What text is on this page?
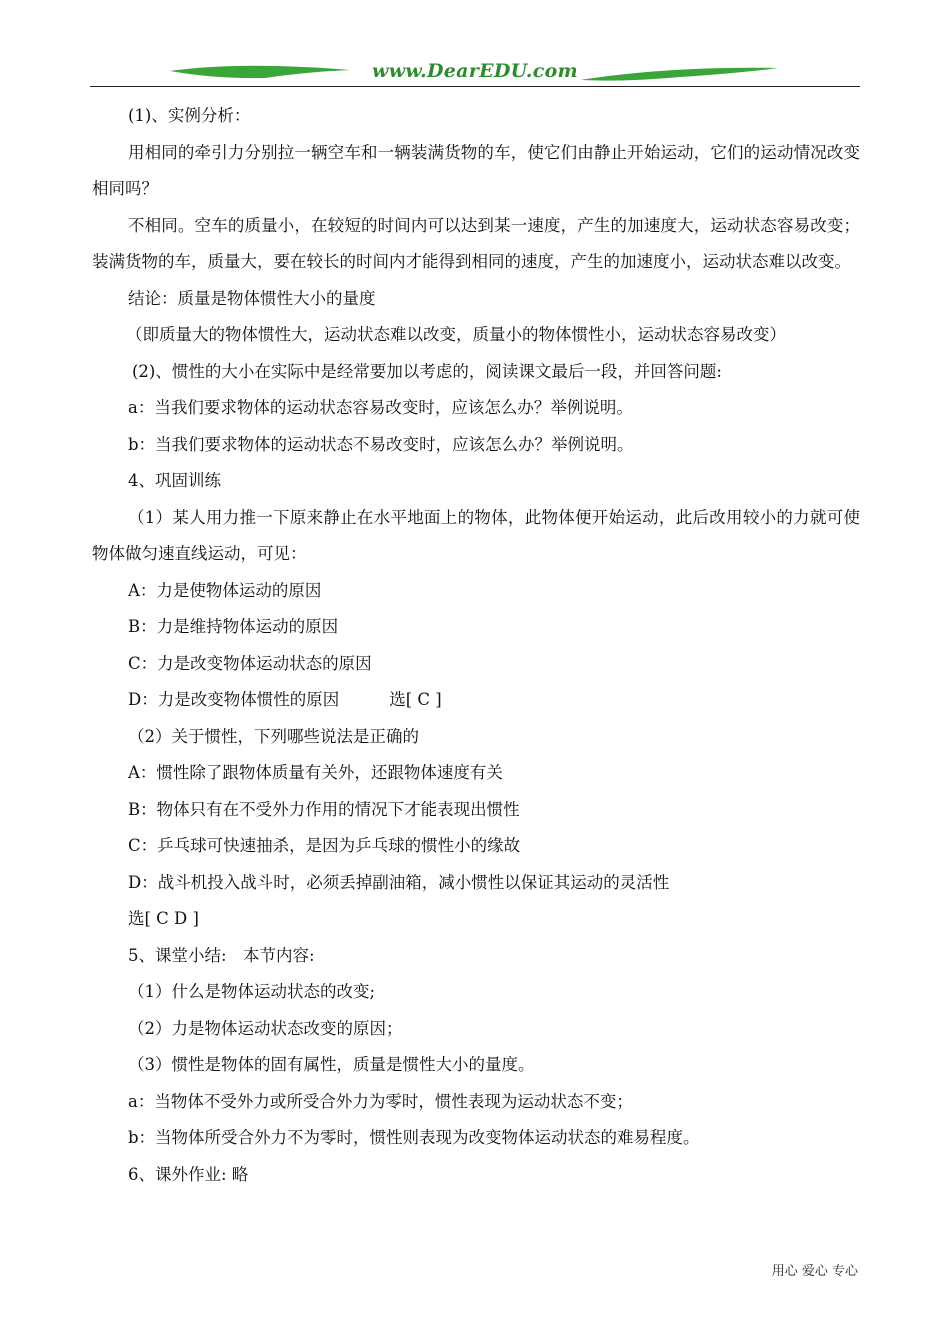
www.DearEDU.com

(1)、实例分析：

用相同的牵引力分别拉一辆空车和一辆装满货物的车，使它们由静止开始运动，它们的运动情况改变相同吗？

不相同。空车的质量小，在较短的时间内可以达到某一速度，产生的加速度大，运动状态容易改变；装满货物的车，质量大，要在较长的时间内才能得到相同的速度，产生的加速度小，运动状态难以改变。

结论：质量是物体惯性大小的量度

（即质量大的物体惯性大，运动状态难以改变，质量小的物体惯性小，运动状态容易改变）

(2)、惯性的大小在实际中是经常要加以考虑的，阅读课文最后一段，并回答问题:

a：当我们要求物体的运动状态容易改变时，应该怎么办？举例说明。

b：当我们要求物体的运动状态不易改变时，应该怎么办？举例说明。

4、巩固训练

（1）某人用力推一下原来静止在水平地面上的物体，此物体便开始运动，此后改用较小的力就可使物体做匀速直线运动，可见：

A：力是使物体运动的原因

B：力是维持物体运动的原因

C：力是改变物体运动状态的原因

D：力是改变物体惯性的原因	选[ C ]

（2）关于惯性，下列哪些说法是正确的

A：惯性除了跟物体质量有关外，还跟物体速度有关

B：物体只有在不受外力作用的情况下才能表现出惯性

C：乒乓球可快速抽杀，是因为乒乓球的惯性小的缘故

D：战斗机投入战斗时，必须丢掉副油箱，减小惯性以保证其运动的灵活性

选[ C D ]

5、课堂小结:　本节内容:

（1）什么是物体运动状态的改变;

（2）力是物体运动状态改变的原因；

（3）惯性是物体的固有属性，质量是惯性大小的量度。

a：当物体不受外力或所受合外力为零时，惯性表现为运动状态不变；

b：当物体所受合外力不为零时，惯性则表现为改变物体运动状态的难易程度。

6、课外作业: 略

用心 爱心 专心
